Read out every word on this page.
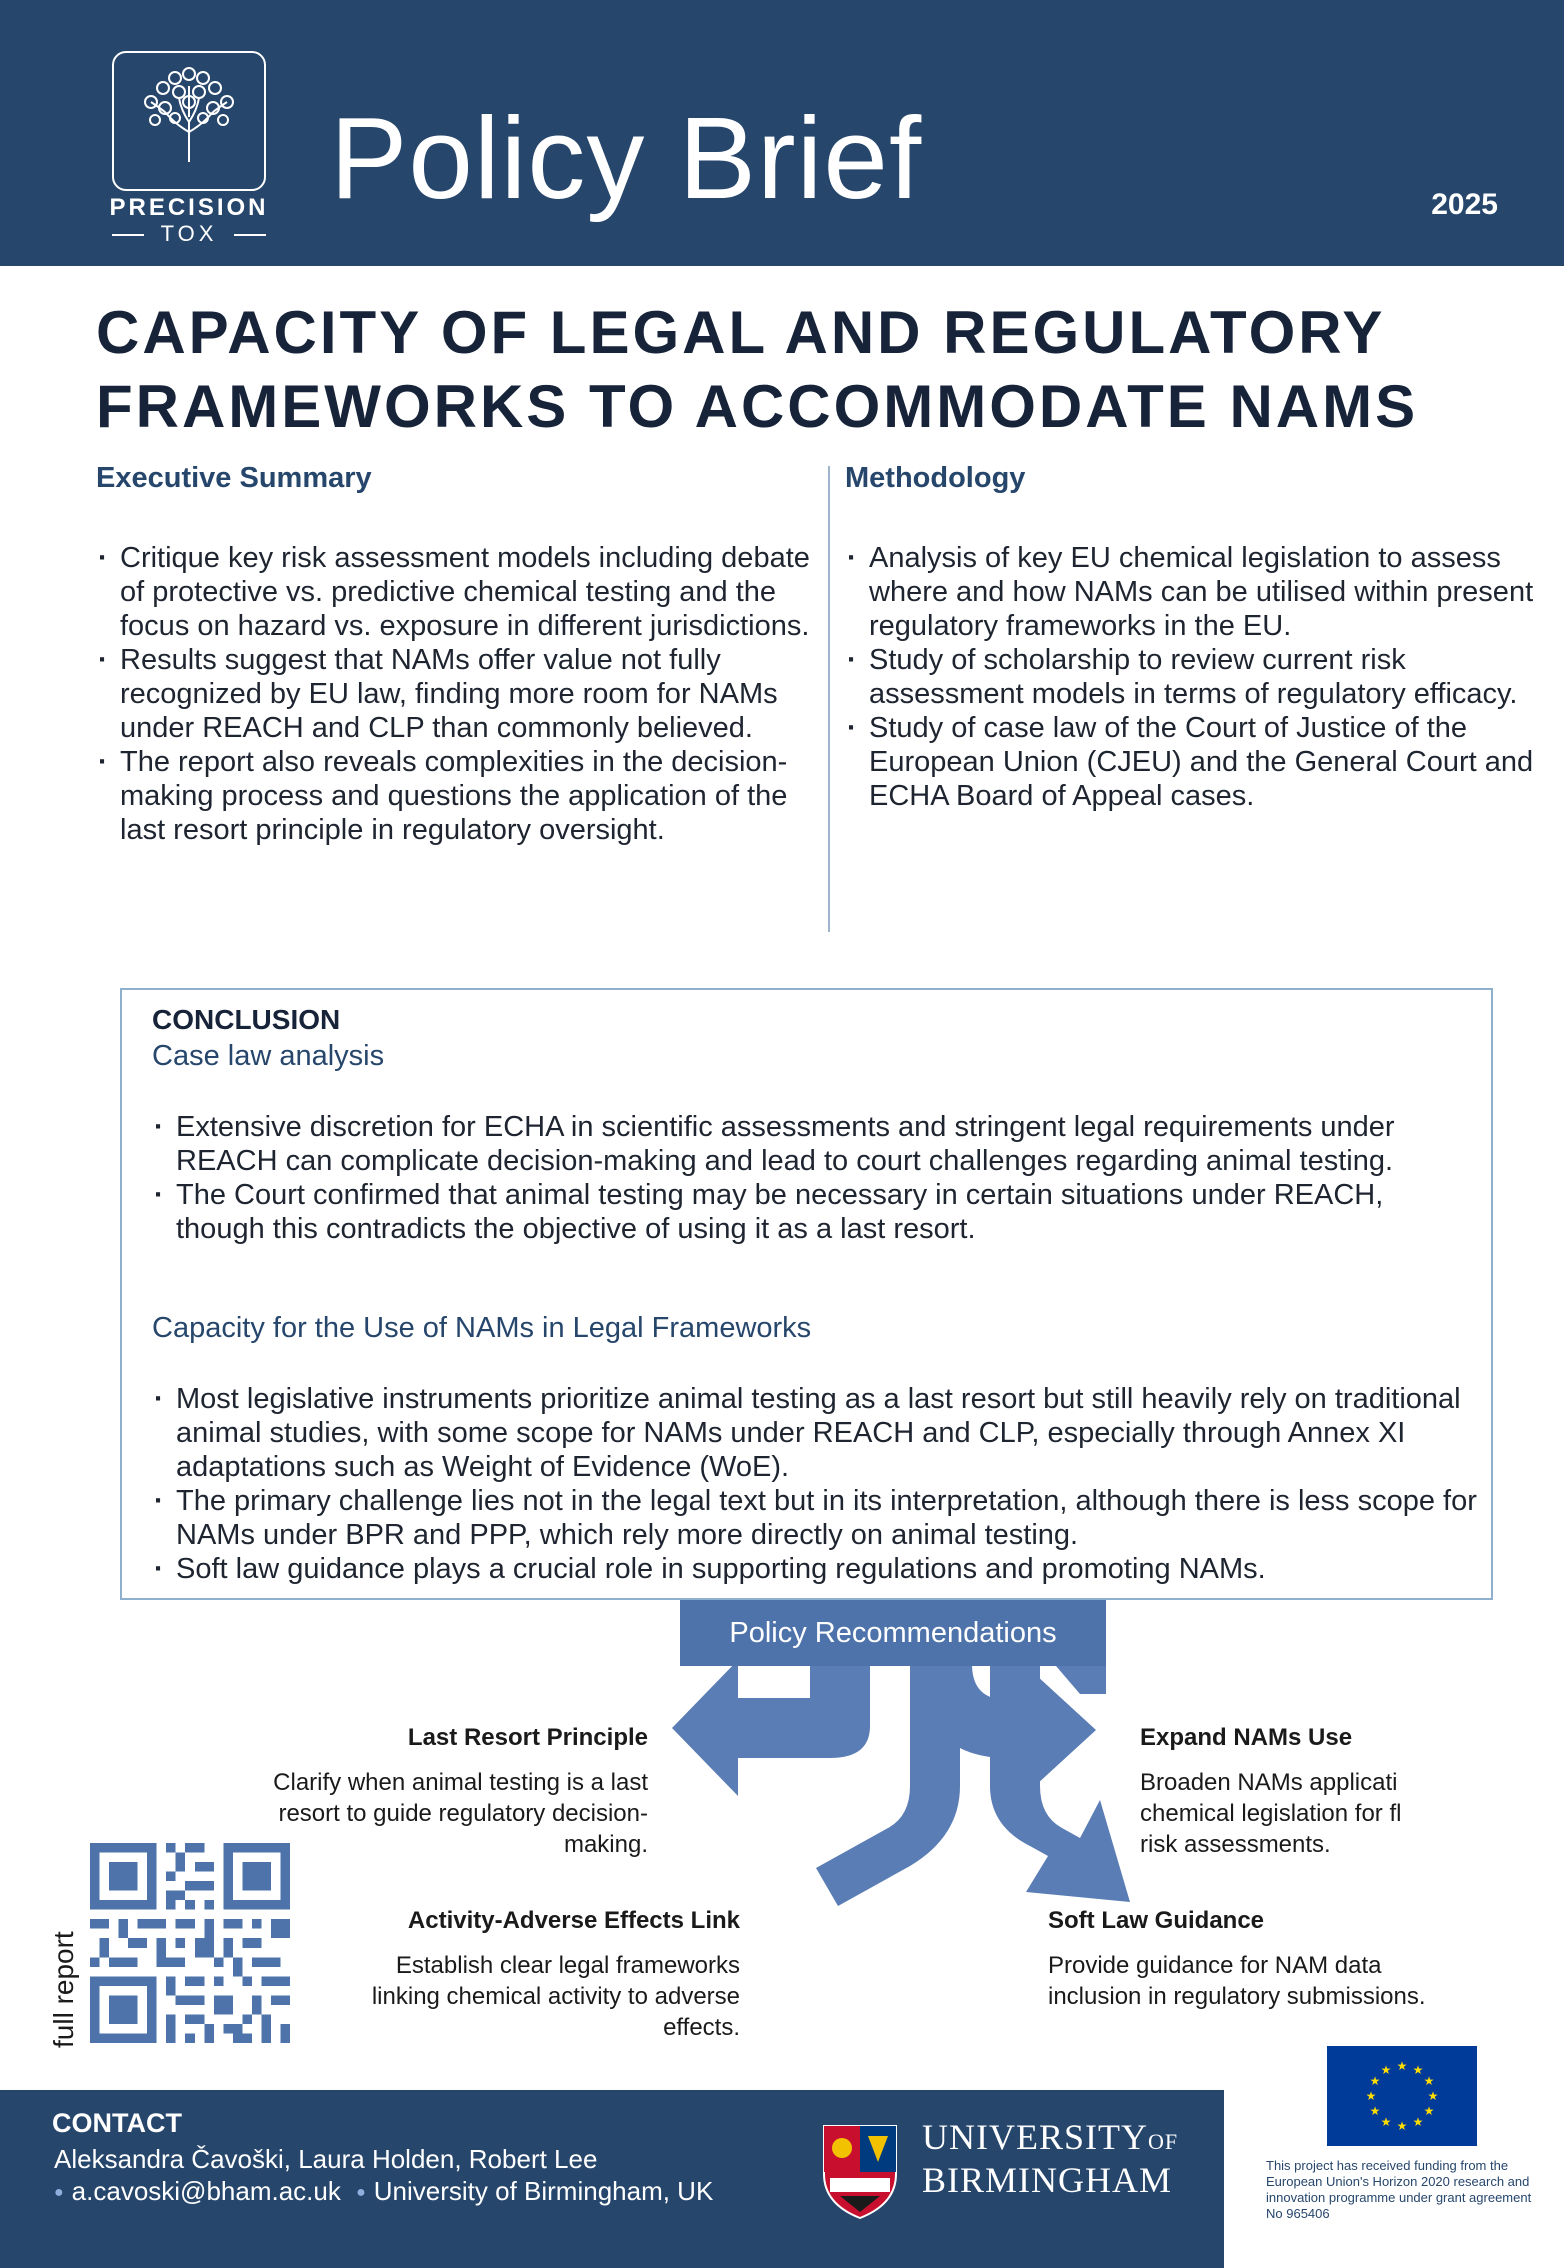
PRECISION
TOX
Policy Brief	2025
CAPACITY OF LEGAL AND REGULATORY FRAMEWORKS TO ACCOMMODATE NAMS
Executive Summary
· Critique key risk assessment models including debate of protective vs. predictive chemical testing and the focus on hazard vs. exposure in different jurisdictions.
· Results suggest that NAMs offer value not fully recognized by EU law, finding more room for NAMs under REACH and CLP than commonly believed.
· The report also reveals complexities in the decision-making process and questions the application of the last resort principle in regulatory oversight.
Methodology
· Analysis of key EU chemical legislation to assess where and how NAMs can be utilised within present regulatory frameworks in the EU.
· Study of scholarship to review current risk assessment models in terms of regulatory efficacy.
· Study of case law of the Court of Justice of the European Union (CJEU) and the General Court and ECHA Board of Appeal cases.
CONCLUSION
Case law analysis
· Extensive discretion for ECHA in scientific assessments and stringent legal requirements under REACH can complicate decision-making and lead to court challenges regarding animal testing.
· The Court confirmed that animal testing may be necessary in certain situations under REACH, though this contradicts the objective of using it as a last resort.
Capacity for the Use of NAMs in Legal Frameworks
· Most legislative instruments prioritize animal testing as a last resort but still heavily rely on traditional animal studies, with some scope for NAMs under REACH and CLP, especially through Annex XI adaptations such as Weight of Evidence (WoE).
· The primary challenge lies not in the legal text but in its interpretation, although there is less scope for NAMs under BPR and PPP, which rely more directly on animal testing.
· Soft law guidance plays a crucial role in supporting regulations and promoting NAMs.
Policy Recommendations
Last Resort Principle
Clarify when animal testing is a last resort to guide regulatory decision-making.
Expand NAMs Use
Broaden NAMs applicati
chemical legislation for fl
risk assessments.
Activity-Adverse Effects Link
Establish clear legal frameworks linking chemical activity to adverse effects.
Soft Law Guidance
Provide guidance for NAM data inclusion in regulatory submissions.
full report
CONTACT
Aleksandra Čavoški, Laura Holden, Robert Lee
● a.cavoski@bham.ac.uk ● University of Birmingham, UK
UNIVERSITYOF
BIRMINGHAM
★ ★
★
★
★
★
★
★
★
★
★
★
This project has received funding from the European Union's Horizon 2020 research and innovation programme under grant agreement No 965406
